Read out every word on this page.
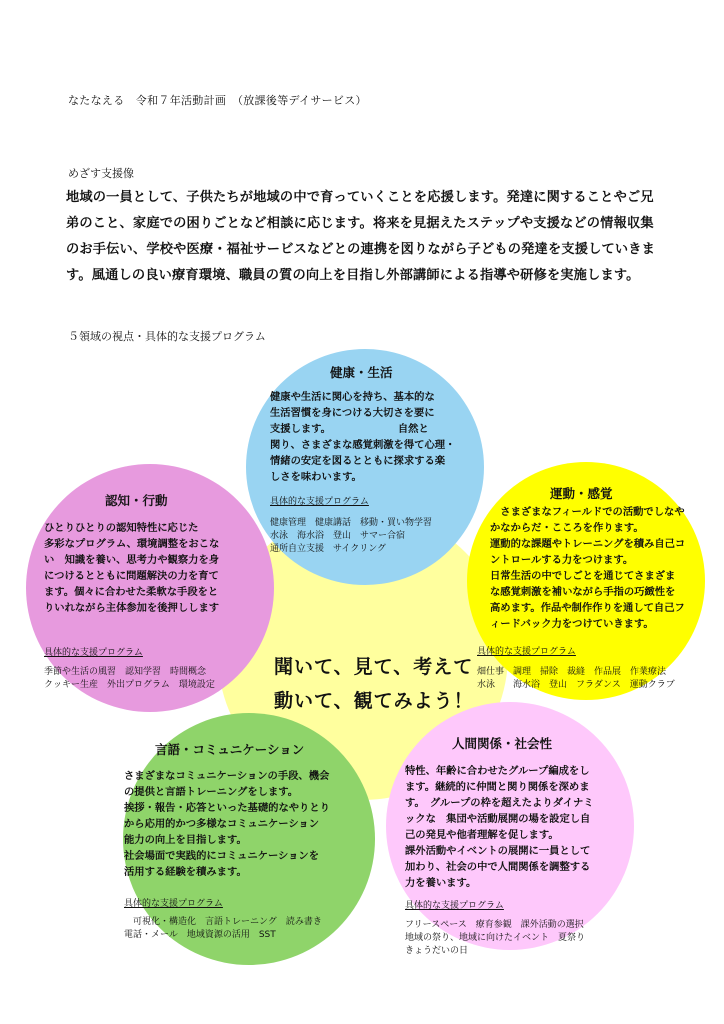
なたなえる　令和７年活動計画　（放課後等デイサービス）
めざす支援像
地域の一員として、子供たちが地域の中で育っていくことを応援します。発達に関することやご兄
弟のこと、家庭での困りごとなど相談に応じます。将来を見据えたステップや支援などの情報収集
のお手伝い、学校や医療・福祉サービスなどとの連携を図りながら子どもの発達を支援していきま
す。風通しの良い療育環境、職員の質の向上を目指し外部講師による指導や研修を実施します。
５領域の視点・具体的な支援プログラム
聞いて、見て、考えて
動いて、観てみよう！
健康・生活
健康や生活に関心を持ち、基本的な
生活習慣を身につける大切さを要に
支援します。　　　　　　　自然と
関り、さまざまな感覚刺激を得て心理・
情緒の安定を図るとともに探求する楽
しさを味わいます。
具体的な支援プログラム
健康管理　健康講話　移動・買い物学習
水泳　海水浴　登山　サマー合宿
通所自立支援　サイクリング
認知・行動
ひとりひとりの認知特性に応じた
多彩なプログラム、環境調整をおこな
い　知識を養い、思考力や観察力を身
につけるとともに問題解決の力を育て
ます。個々に合わせた柔軟な手段をと
りいれながら主体参加を後押しします
具体的な支援プログラム
季節や生活の風習　認知学習　時間概念
クッキー生産　外出プログラム　環境設定
運動・感覚
　さまざまなフィールドでの活動でしなや
かなからだ・こころを作ります。
運動的な課題やトレーニングを積み自己コ
ントロールする力をつけます。
日常生活の中でしごとを通じてさまざま
な感覚刺激を補いながら手指の巧緻性を
高めます。作品や制作作りを通して自己フ
ィードバック力をつけていきます。
具体的な支援プログラム
畑仕事　調理　掃除　裁縫　作品展　作業療法
水泳　　海水浴　登山　フラダンス　運動クラブ
言語・コミュニケーション
さまざまなコミュニケーションの手段、機会
の提供と言語トレーニングをします。
挨拶・報告・応答といった基礎的なやりとり
から応用的かつ多様なコミュニケーション
能力の向上を目指します。
社会場面で実践的にコミュニケーションを
活用する経験を積みます。
具体的な支援プログラム
　可視化・構造化　言語トレーニング　読み書き
電話・メール　地域資源の活用　SST
人間関係・社会性
特性、年齢に合わせたグループ編成をし
ます。継続的に仲間と関り関係を深めま
す。　グループの枠を超えたよりダイナミ
ックな　集団や活動展開の場を設定し自
己の発見や他者理解を促します。
課外活動やイベントの展開に一員として
加わり、社会の中で人間関係を調整する
力を養います。
具体的な支援プログラム
フリースペース　療育参観　課外活動の選択
地域の祭り、地域に向けたイベント　夏祭り
きょうだいの日
